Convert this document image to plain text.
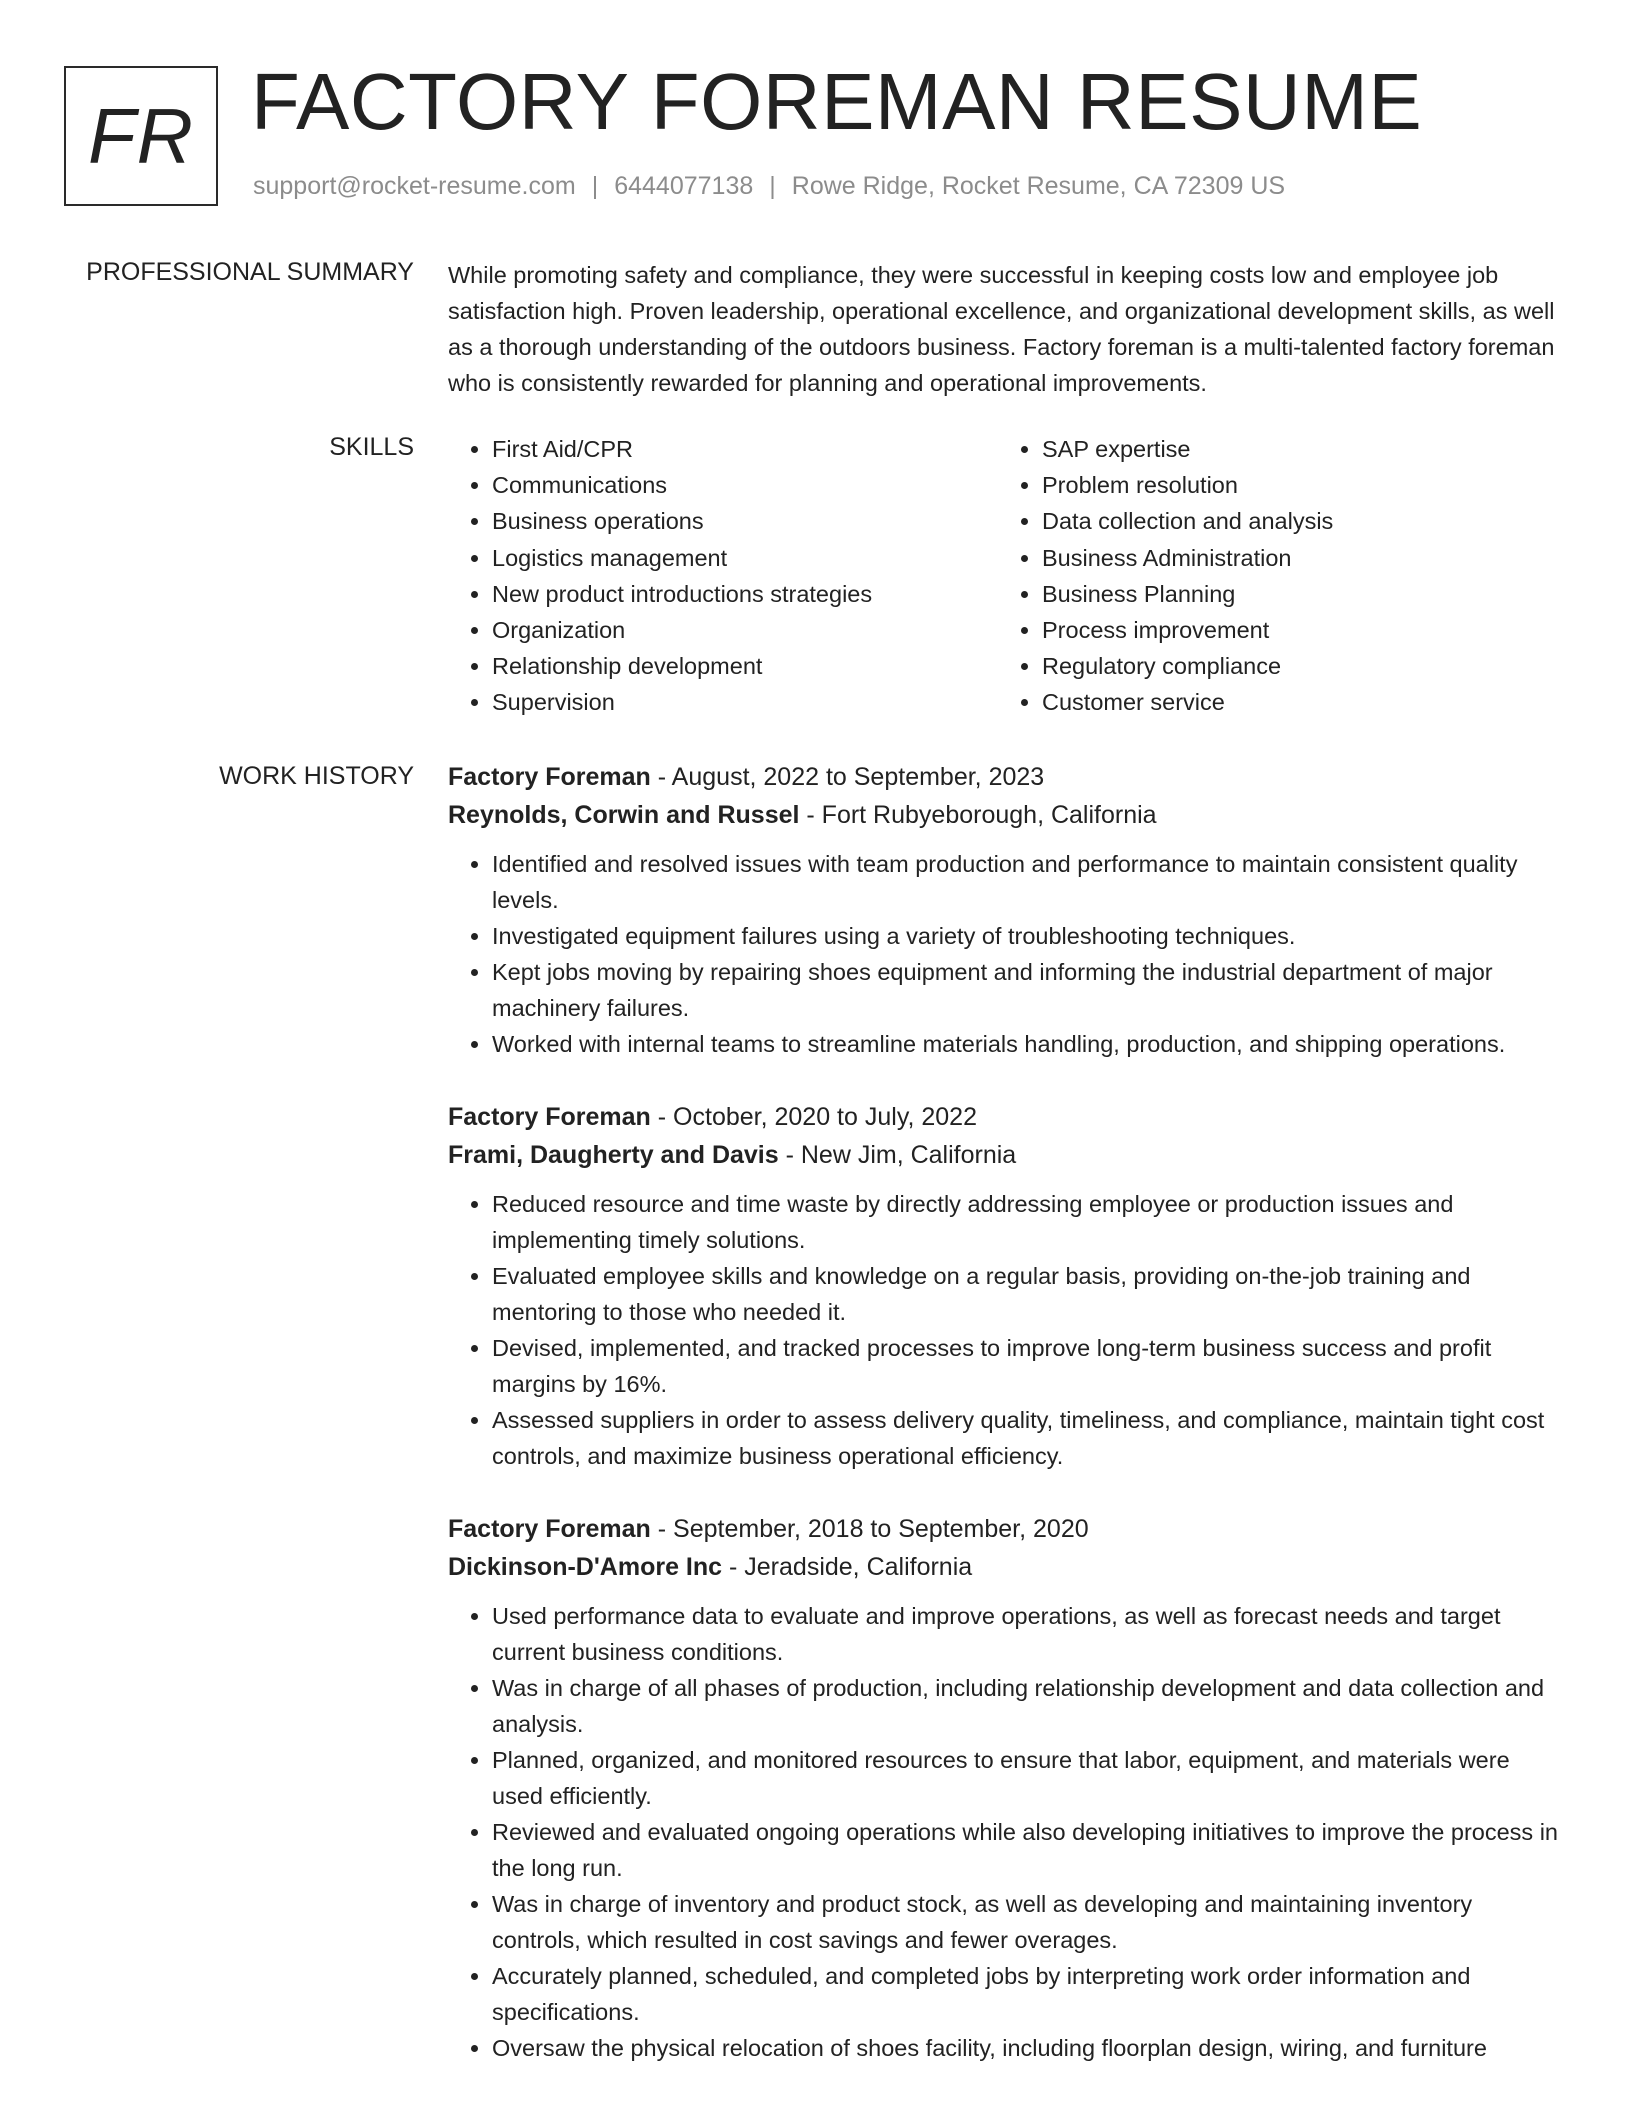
FR FACTORY FOREMAN RESUME
support@rocket-resume.com | 6444077138 | Rowe Ridge, Rocket Resume, CA 72309 US
PROFESSIONAL SUMMARY While promoting safety and compliance, they were successful in keeping costs low and employee job satisfaction high. Proven leadership, operational excellence, and organizational development skills, as well as a thorough understanding of the outdoors business. Factory foreman is a multi-talented factory foreman who is consistently rewarded for planning and operational improvements.

SKILLS
•	First Aid/CPR
• Communications
• Business operations
• Logistics management
• New product introductions strategies
• Organization
• Relationship development
• Supervision
• SAP expertise
• Problem resolution
• Data collection and analysis
• Business Administration
• Business Planning
• Process improvement
• Regulatory compliance
• Customer service
WORK HISTORY Factory Foreman - August, 2022 to September, 2023

Reynolds, Corwin and Russel - Fort Rubyeborough, California

• Identified and resolved issues with team production and performance to maintain consistent quality levels.
• Investigated equipment failures using a variety of troubleshooting techniques.
• Kept jobs moving by repairing shoes equipment and informing the industrial department of major machinery failures.
• Worked with internal teams to streamline materials handling, production, and shipping operations.

Factory Foreman - October, 2020 to July, 2022

Frami, Daugherty and Davis - New Jim, California

• Reduced resource and time waste by directly addressing employee or production issues and implementing timely solutions.
• Evaluated employee skills and knowledge on a regular basis, providing on-the-job training and mentoring to those who needed it.
• Devised, implemented, and tracked processes to improve long-term business success and profit margins by 16%.
• Assessed suppliers in order to assess delivery quality, timeliness, and compliance, maintain tight cost controls, and maximize business operational efficiency.

Factory Foreman - September, 2018 to September, 2020

Dickinson-D'Amore Inc - Jeradside, California

• Used performance data to evaluate and improve operations, as well as forecast needs and target current business conditions.
• Was in charge of all phases of production, including relationship development and data collection and analysis.
• Planned, organized, and monitored resources to ensure that labor, equipment, and materials were used efficiently.
• Reviewed and evaluated ongoing operations while also developing initiatives to improve the process in the long run.
• Was in charge of inventory and product stock, as well as developing and maintaining inventory controls, which resulted in cost savings and fewer overages.
• Accurately planned, scheduled, and completed jobs by interpreting work order information and specifications.
• Oversaw the physical relocation of shoes facility, including floorplan design, wiring, and furniture
